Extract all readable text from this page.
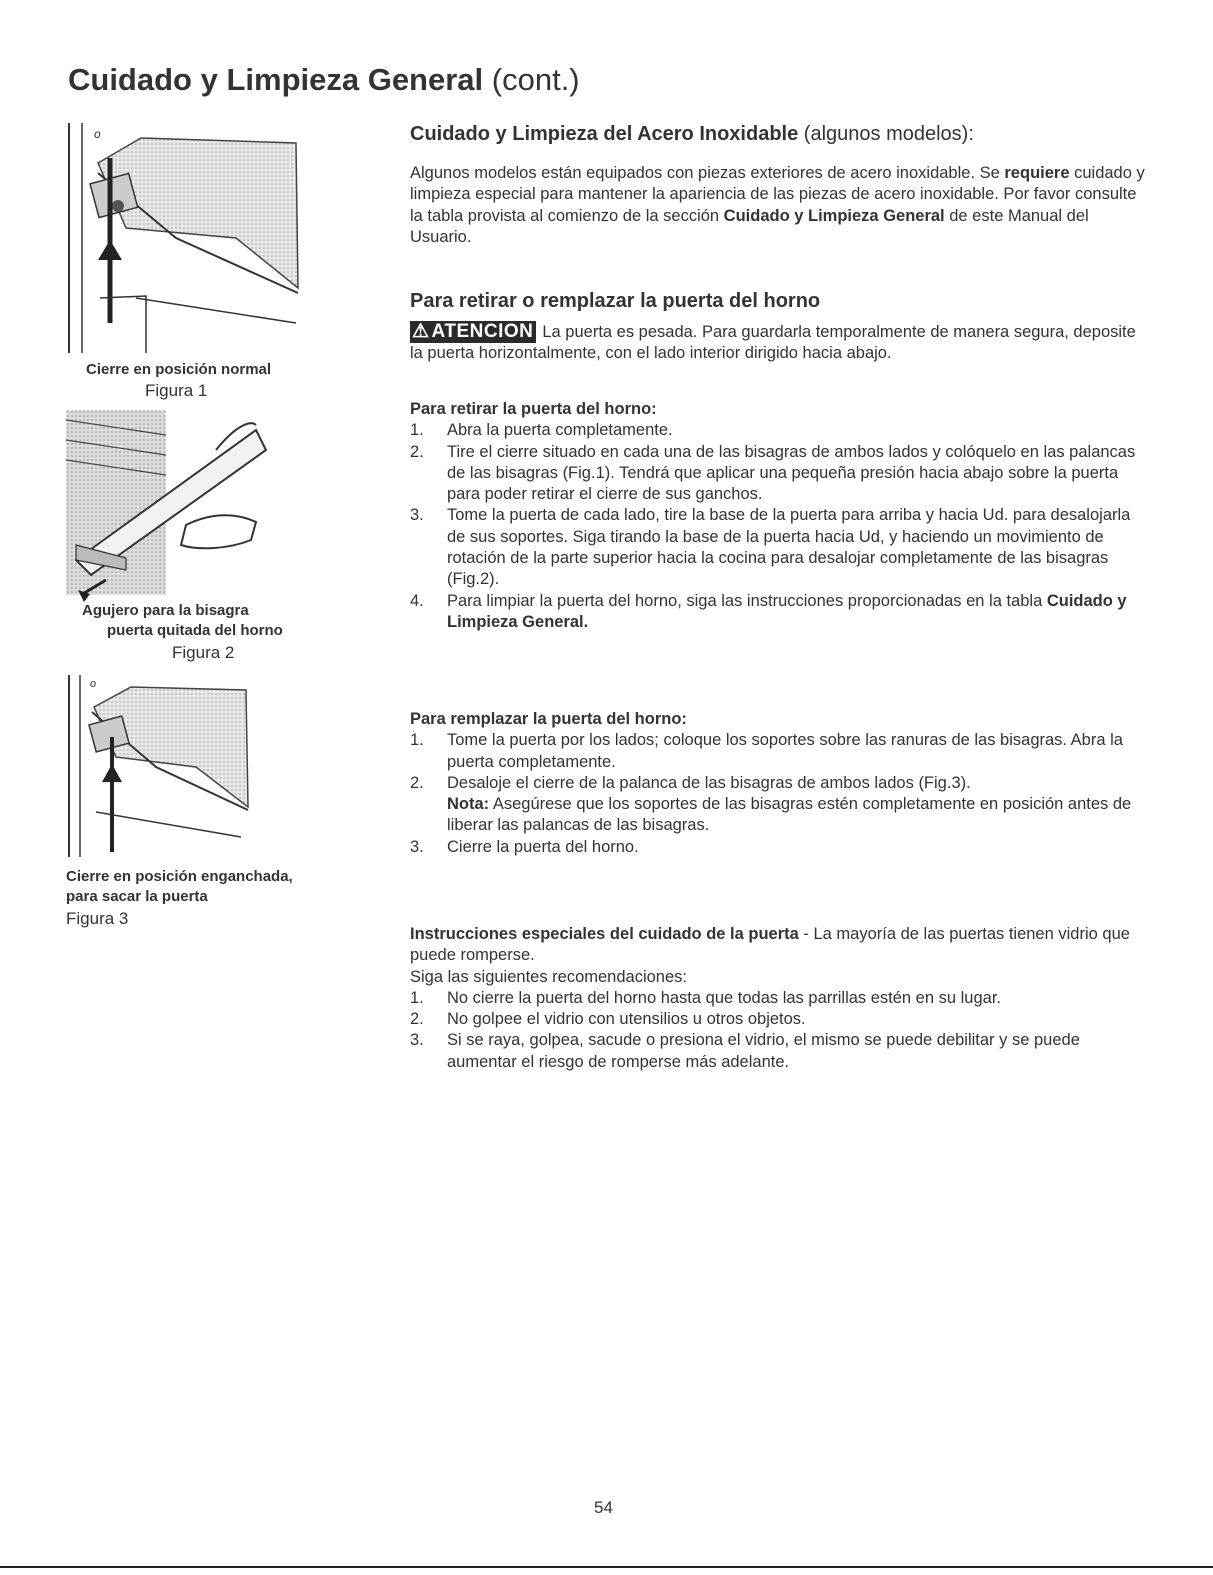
Cuidado y Limpieza General (cont.)
o
Cierre en posición normal
Figura 1
Agujero para la bisagra
puerta quitada del horno
Figura 2
o
Cierre en posición enganchada,
para sacar la puerta
Figura 3
Cuidado y Limpieza del Acero Inoxidable (algunos modelos):

Algunos modelos están equipados con piezas exteriores de acero inoxidable. Se requiere cuidado y limpieza especial para mantener la apariencia de las piezas de acero inoxidable. Por favor consulte la tabla provista al comienzo de la sección Cuidado y Limpieza General de este Manual del Usuario.

Para retirar o remplazar la puerta del horno

⚠ ATENCION La puerta es pesada. Para guardarla temporalmente de manera segura, deposite la puerta horizontalmente, con el lado interior dirigido hacia abajo.

Para retirar la puerta del horno:

1.	Abra la puerta completamente.
2.	Tire el cierre situado en cada una de las bisagras de ambos lados y colóquelo en las palancas de las bisagras (Fig.1). Tendrá que aplicar una pequeña presión hacia abajo sobre la puerta para poder retirar el cierre de sus ganchos.
3.	Tome la puerta de cada lado, tire la base de la puerta para arriba y hacia Ud. para desalojarla de sus soportes. Siga tirando la base de la puerta hacia Ud, y haciendo un movimiento de rotación de la parte superior hacia la cocina para desalojar completamente de las bisagras (Fig.2).
4.	Para limpiar la puerta del horno, siga las instrucciones proporcionadas en la tabla Cuidado y Limpieza General.

Para remplazar la puerta del horno:

1.	Tome la puerta por los lados; coloque los soportes sobre las ranuras de las bisagras. Abra la puerta completamente.
2.	Desaloje el cierre de la palanca de las bisagras de ambos lados (Fig.3).
Nota: Asegúrese que los soportes de las bisagras estén completamente en posición antes de liberar las palancas de las bisagras.
3.	Cierre la puerta del horno.

Instrucciones especiales del cuidado de la puerta - La mayoría de las puertas tienen vidrio que puede romperse.

Siga las siguientes recomendaciones:

1.	No cierre la puerta del horno hasta que todas las parrillas estén en su lugar.
2.	No golpee el vidrio con utensilios u otros objetos.
3.	Si se raya, golpea, sacude o presiona el vidrio, el mismo se puede debilitar y se puede aumentar el riesgo de romperse más adelante.
54
